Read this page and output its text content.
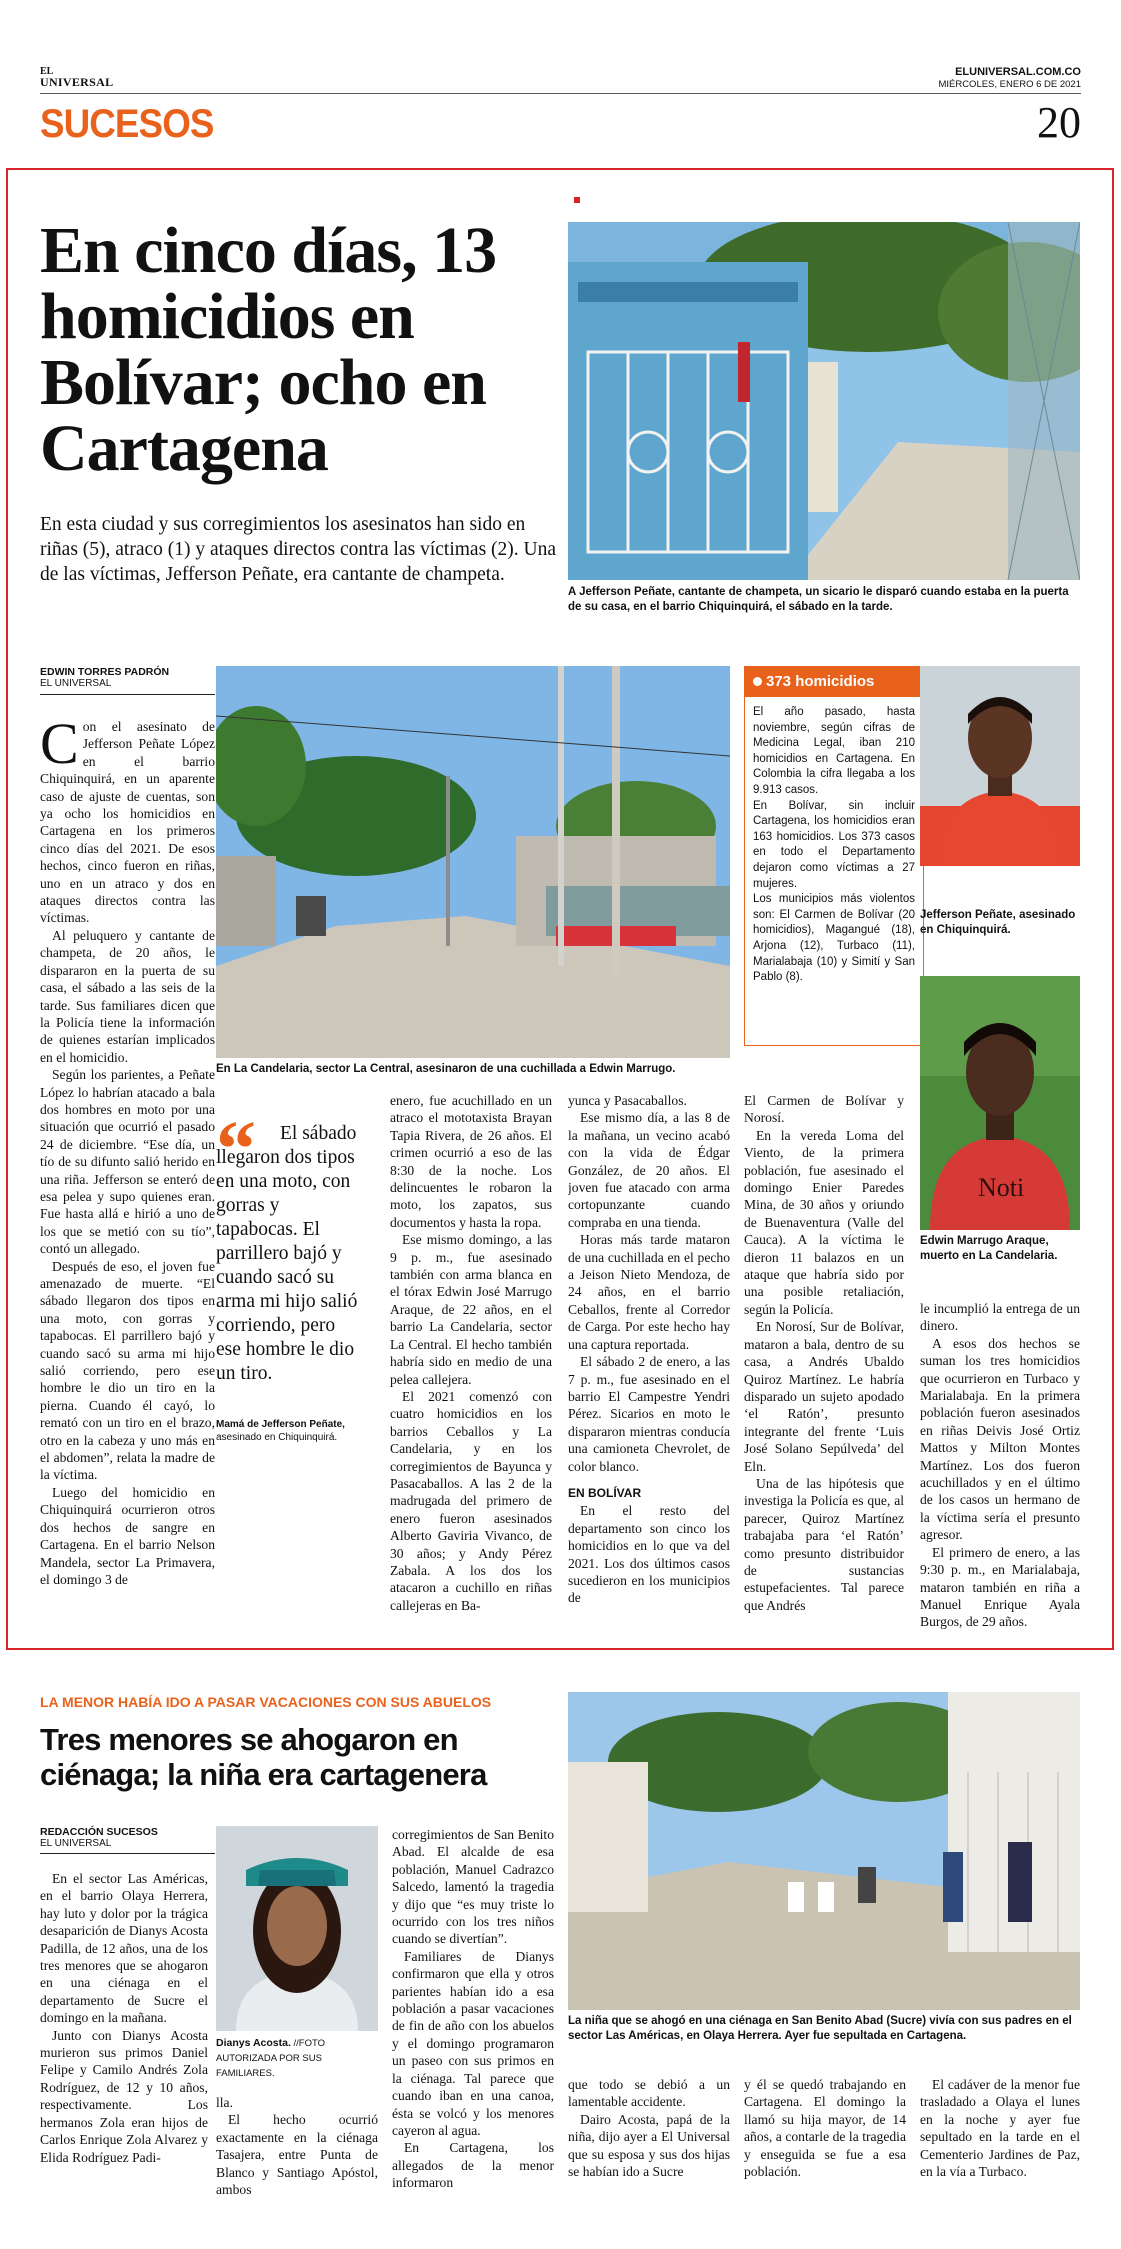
EL
UNIVERSAL
ELUNIVERSAL.COM.CO
MIÉRCOLES, ENERO 6 DE 2021
SUCESOS	20
En cinco días, 13 homicidios en Bolívar; ocho en Cartagena

En esta ciudad y sus corregimientos los asesinatos han sido en riñas (5), atraco (1) y ataques directos contra las víctimas (2). Una de las víctimas, Jefferson Peñate, era cantante de champeta.

A Jefferson Peñate, cantante de champeta, un sicario le disparó cuando estaba en la puerta de su casa, en el barrio Chiquinquirá, el sábado en la tarde.

EDWIN TORRES PADRÓN
EL UNIVERSAL
C on el asesinato de Jefferson Peñate López en el barrio Chiquinquirá, en un aparente caso de ajuste de cuentas, son ya ocho los homicidios en Cartagena en los primeros cinco días del 2021. De esos hechos, cinco fueron en riñas, uno en un atraco y dos en ataques directos contra las víctimas.

Al peluquero y cantante de champeta, de 20 años, le dispararon en la puerta de su casa, el sábado a las seis de la tarde. Sus familiares dicen que la Policía tiene la información de quienes estarían implicados en el homicidio.

Según los parientes, a Peñate López lo habrían atacado a bala dos hombres en moto por una situación que ocurrió el pasado 24 de diciembre. “Ese día, un tío de su difunto salió herido en una riña. Jefferson se enteró de esa pelea y supo quienes eran. Fue hasta allá e hirió a uno de los que se metió con su tío”, contó un allegado.

Después de eso, el joven fue amenazado de muerte. “El sábado llegaron dos tipos en una moto, con gorras y tapabocas. El parrillero bajó y cuando sacó su arma mi hijo salió corriendo, pero ese hombre le dio un tiro en la pierna. Cuando él cayó, lo remató con un tiro en el brazo, otro en la cabeza y uno más en el abdomen”, relata la madre de la víctima.

Luego del homicidio en Chiquinquirá ocurrieron otros dos hechos de sangre en Cartagena. En el barrio Nelson Mandela, sector La Primavera, el domingo 3 de

En La Candelaria, sector La Central, asesinaron de una cuchillada a Edwin Marrugo.

“	El sábado llegaron dos tipos en una moto, con gorras y tapabocas. El parrillero bajó y cuando sacó su arma mi hijo salió corriendo, pero ese hombre le dio un tiro.

Mamá de Jefferson Peñate,
asesinado en Chiquinquirá.

enero, fue acuchillado en un atraco el mototaxista Brayan Tapia Rivera, de 26 años. El crimen ocurrió a eso de las 8:30 de la noche. Los delincuentes le robaron la moto, los zapatos, sus documentos y hasta la ropa.

Ese mismo domingo, a las 9 p. m., fue asesinado también con arma blanca en el tórax Edwin José Marrugo Araque, de 22 años, en el barrio La Candelaria, sector La Central. El hecho también habría sido en medio de una pelea callejera.

El 2021 comenzó con cuatro homicidios en los barrios Ceballos y La Candelaria, y en los corregimientos de Bayunca y Pasacaballos. A las 2 de la madrugada del primero de enero fueron asesinados Alberto Gaviria Vivanco, de 30 años; y Andy Pérez Zabala. A los dos los atacaron a cuchillo en riñas callejeras en Ba-

yunca y Pasacaballos.

Ese mismo día, a las 8 de la mañana, un vecino acabó con la vida de Édgar González, de 20 años. El joven fue atacado con arma cortopunzante cuando compraba en una tienda.

Horas más tarde mataron de una cuchillada en el pecho a Jeison Nieto Mendoza, de 24 años, en el barrio Ceballos, frente al Corredor de Carga. Por este hecho hay una captura reportada.

El sábado 2 de enero, a las 7 p. m., fue asesinado en el barrio El Campestre Yendri Pérez. Sicarios en moto le dispararon mientras conducía una camioneta Chevrolet, de color blanco.

EN BOLÍVAR

En el resto del departamento son cinco los homicidios en lo que va del 2021. Los dos últimos casos sucedieron en los municipios de

373 homicidios

El año pasado, hasta noviembre, según cifras de Medicina Legal, iban 210 homicidios en Cartagena. En Colombia la cifra llegaba a los 9.913 casos.

En Bolívar, sin incluir Cartagena, los homicidios eran 163 homicidios. Los 373 casos en todo el Departamento dejaron como víctimas a 27 mujeres.

Los municipios más violentos son: El Carmen de Bolívar (20 homicidios), Magangué (18), Arjona (12), Turbaco (11), Marialabaja (10) y Simití y San Pablo (8).

Jefferson Peñate, asesinado en Chiquinquirá.

Noti

Edwin Marrugo Araque, muerto en La Candelaria.

El Carmen de Bolívar y Norosí.

En la vereda Loma del Viento, de la primera población, fue asesinado el domingo Enier Paredes Mina, de 30 años y oriundo de Buenaventura (Valle del Cauca). A la víctima le dieron 11 balazos en un ataque que habría sido por una posible retaliación, según la Policía.

En Norosí, Sur de Bolívar, mataron a bala, dentro de su casa, a Andrés Ubaldo Quiroz Martínez. Le habría disparado un sujeto apodado ‘el Ratón’, presunto integrante del frente ‘Luis José Solano Sepúlveda’ del Eln.

Una de las hipótesis que investiga la Policía es que, al parecer, Quiroz Martínez trabajaba para ‘el Ratón’ como presunto distribuidor de sustancias estupefacientes. Tal parece que Andrés

le incumplió la entrega de un dinero.

A esos dos hechos se suman los tres homicidios que ocurrieron en Turbaco y Marialabaja. En la primera población fueron asesinados en riñas Deivis José Ortiz Mattos y Milton Montes Martínez. Los dos fueron acuchillados y en el último de los casos un hermano de la víctima sería el presunto agresor.

El primero de enero, a las 9:30 p. m., en Marialabaja, mataron también en riña a Manuel Enrique Ayala Burgos, de 29 años.

LA MENOR HABÍA IDO A PASAR VACACIONES CON SUS ABUELOS
Tres menores se ahogaron en ciénaga; la niña era cartagenera
REDACCIÓN SUCESOS
EL UNIVERSAL

En el sector Las Américas, en el barrio Olaya Herrera, hay luto y dolor por la trágica desaparición de Dianys Acosta Padilla, de 12 años, una de los tres menores que se ahogaron en una ciénaga en el departamento de Sucre el domingo en la mañana.

Junto con Dianys Acosta murieron sus primos Daniel Felipe y Camilo Andrés Zola Rodríguez, de 12 y 10 años, respectivamente. Los hermanos Zola eran hijos de Carlos Enrique Zola Alvarez y Elida Rodríguez Padi-

Dianys Acosta. //FOTO AUTORIZADA POR SUS FAMILIARES.

lla.

El hecho ocurrió exactamente en la ciénaga Tasajera, entre Punta de Blanco y Santiago Apóstol, ambos

corregimientos de San Benito Abad. El alcalde de esa población, Manuel Cadrazco Salcedo, lamentó la tragedia y dijo que “es muy triste lo ocurrido con los tres niños cuando se divertían”.

Familiares de Dianys confirmaron que ella y otros parientes habían ido a esa población a pasar vacaciones de fin de año con los abuelos y el domingo programaron un paseo con sus primos en la ciénaga. Tal parece que cuando iban en una canoa, ésta se volcó y los menores cayeron al agua.

En Cartagena, los allegados de la menor informaron

La niña que se ahogó en una ciénaga en San Benito Abad (Sucre) vivía con sus padres en el sector Las Américas, en Olaya Herrera. Ayer fue sepultada en Cartagena.

que todo se debió a un lamentable accidente.

Dairo Acosta, papá de la niña, dijo ayer a El Universal que su esposa y sus dos hijas se habían ido a Sucre

y él se quedó trabajando en Cartagena. El domingo la llamó su hija mayor, de 14 años, a contarle de la tragedia y enseguida se fue a esa población.

El cadáver de la menor fue trasladado a Olaya el lunes en la noche y ayer fue sepultado en la tarde en el Cementerio Jardines de Paz, en la vía a Turbaco.
